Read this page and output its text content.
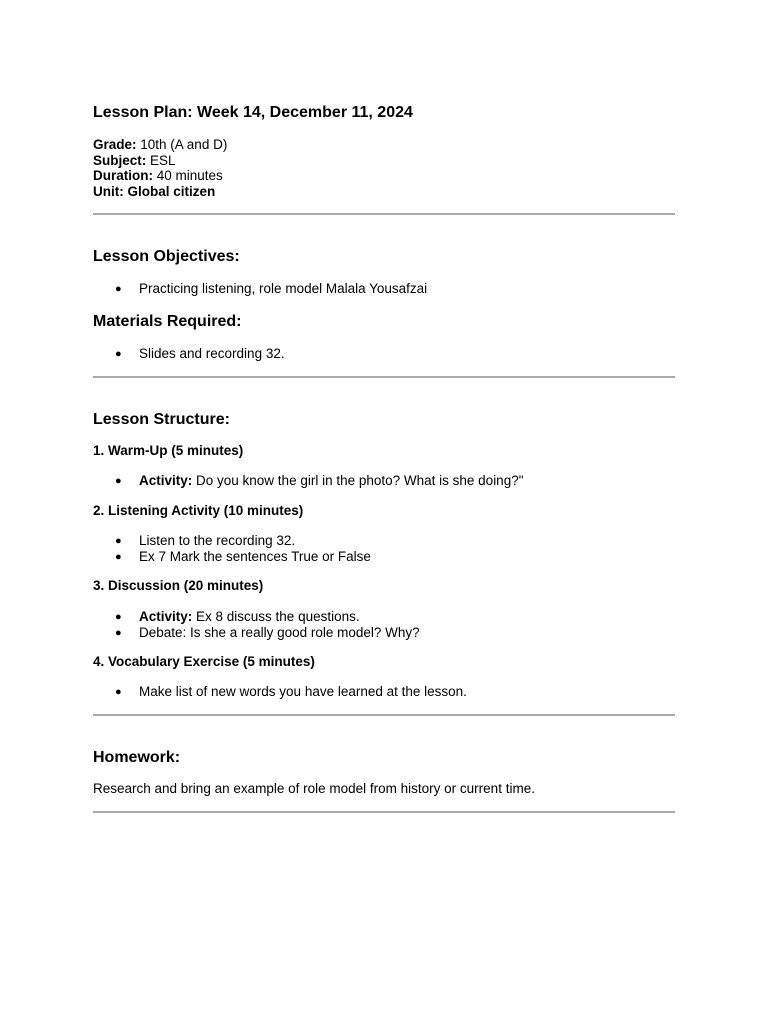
Lesson Plan: Week 14, December 11, 2024
Grade: 10th (A and D)
Subject: ESL
Duration: 40 minutes
Unit: Global citizen
Lesson Objectives:
● Practicing listening, role model Malala Yousafzai
Materials Required:
● Slides and recording 32.
Lesson Structure:
1. Warm-Up (5 minutes)
● Activity: Do you know the girl in the photo? What is she doing?"
2. Listening Activity (10 minutes)
● Listen to the recording 32.
● Ex 7 Mark the sentences True or False
3. Discussion (20 minutes)
● Activity: Ex 8 discuss the questions.
● Debate: Is she a really good role model? Why?
4. Vocabulary Exercise (5 minutes)
● Make list of new words you have learned at the lesson.
Homework:

Research and bring an example of role model from history or current time.
